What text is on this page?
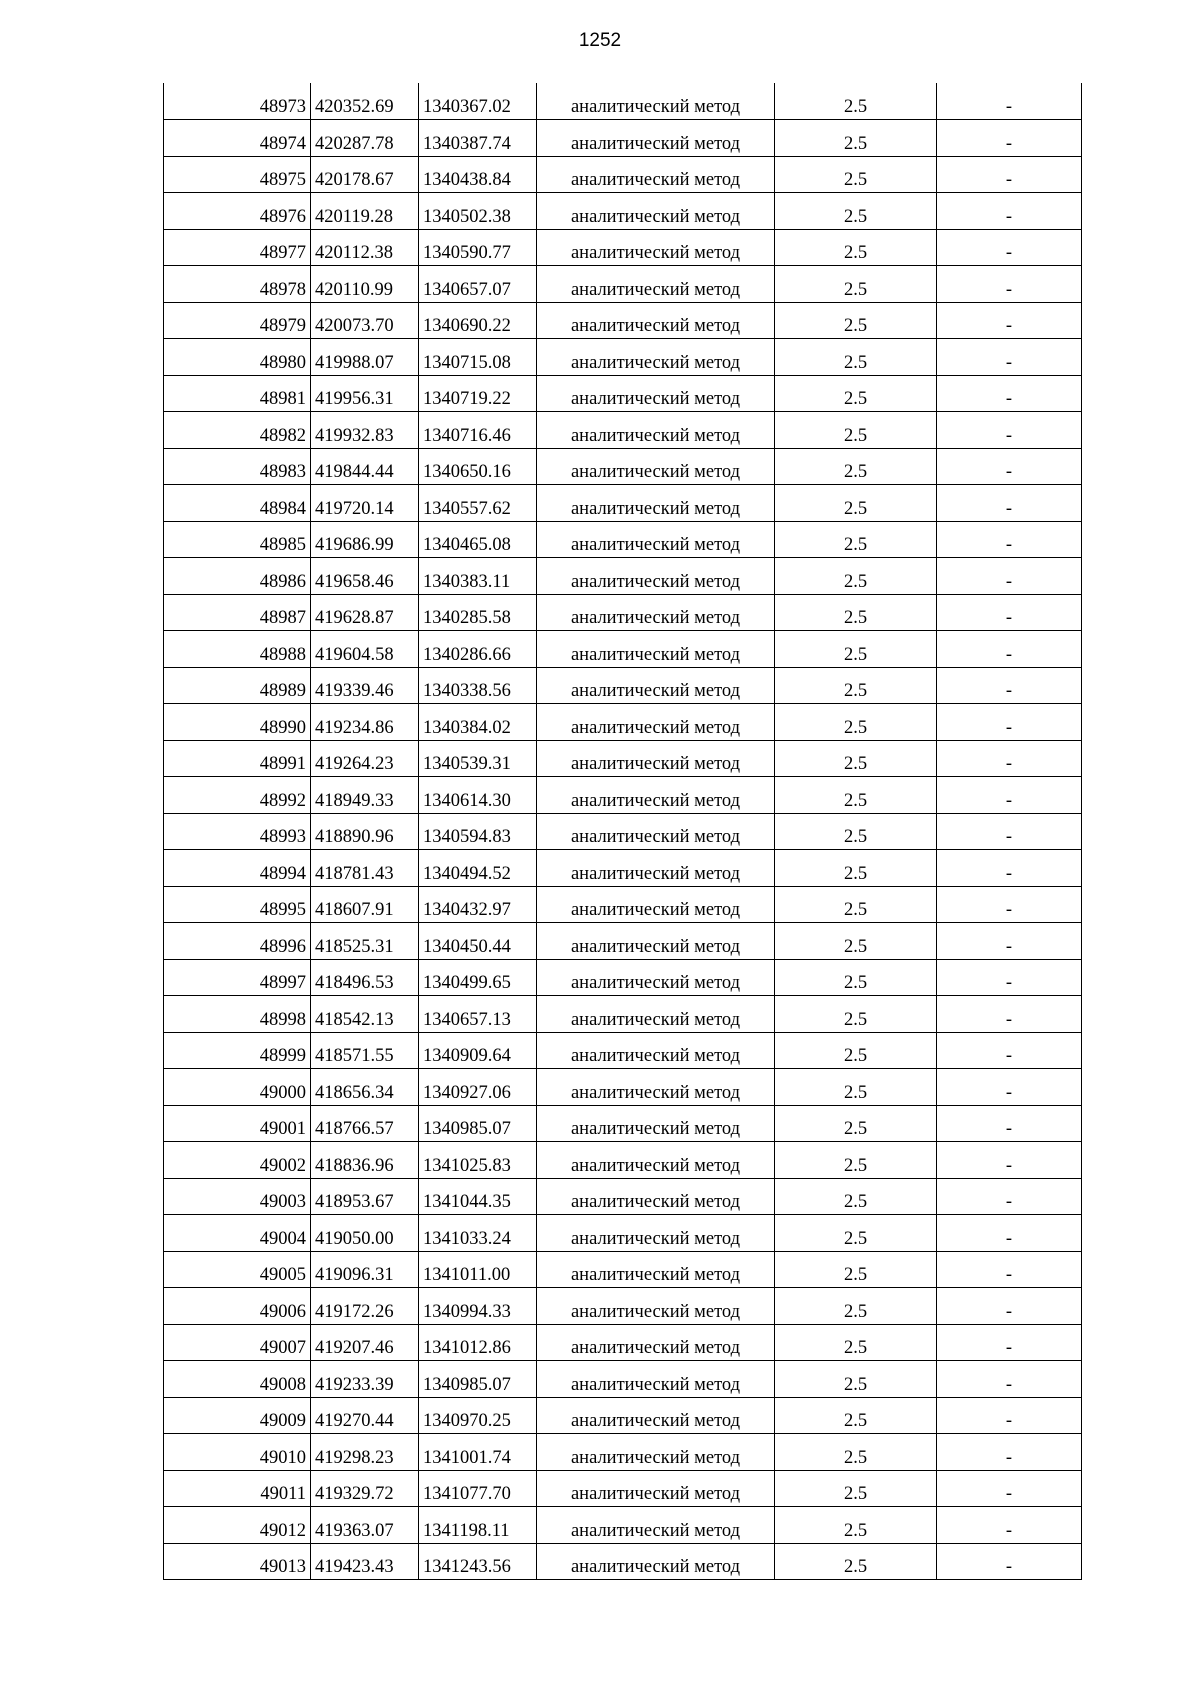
1252
48973	420352.69	1340367.02	аналитический метод	2.5	-
48974	420287.78	1340387.74	аналитический метод	2.5	-
48975	420178.67	1340438.84	аналитический метод	2.5	-
48976	420119.28	1340502.38	аналитический метод	2.5	-
48977	420112.38	1340590.77	аналитический метод	2.5	-
48978	420110.99	1340657.07	аналитический метод	2.5	-
48979	420073.70	1340690.22	аналитический метод	2.5	-
48980	419988.07	1340715.08	аналитический метод	2.5	-
48981	419956.31	1340719.22	аналитический метод	2.5	-
48982	419932.83	1340716.46	аналитический метод	2.5	-
48983	419844.44	1340650.16	аналитический метод	2.5	-
48984	419720.14	1340557.62	аналитический метод	2.5	-
48985	419686.99	1340465.08	аналитический метод	2.5	-
48986	419658.46	1340383.11	аналитический метод	2.5	-
48987	419628.87	1340285.58	аналитический метод	2.5	-
48988	419604.58	1340286.66	аналитический метод	2.5	-
48989	419339.46	1340338.56	аналитический метод	2.5	-
48990	419234.86	1340384.02	аналитический метод	2.5	-
48991	419264.23	1340539.31	аналитический метод	2.5	-
48992	418949.33	1340614.30	аналитический метод	2.5	-
48993	418890.96	1340594.83	аналитический метод	2.5	-
48994	418781.43	1340494.52	аналитический метод	2.5	-
48995	418607.91	1340432.97	аналитический метод	2.5	-
48996	418525.31	1340450.44	аналитический метод	2.5	-
48997	418496.53	1340499.65	аналитический метод	2.5	-
48998	418542.13	1340657.13	аналитический метод	2.5	-
48999	418571.55	1340909.64	аналитический метод	2.5	-
49000	418656.34	1340927.06	аналитический метод	2.5	-
49001	418766.57	1340985.07	аналитический метод	2.5	-
49002	418836.96	1341025.83	аналитический метод	2.5	-
49003	418953.67	1341044.35	аналитический метод	2.5	-
49004	419050.00	1341033.24	аналитический метод	2.5	-
49005	419096.31	1341011.00	аналитический метод	2.5	-
49006	419172.26	1340994.33	аналитический метод	2.5	-
49007	419207.46	1341012.86	аналитический метод	2.5	-
49008	419233.39	1340985.07	аналитический метод	2.5	-
49009	419270.44	1340970.25	аналитический метод	2.5	-
49010	419298.23	1341001.74	аналитический метод	2.5	-
49011	419329.72	1341077.70	аналитический метод	2.5	-
49012	419363.07	1341198.11	аналитический метод	2.5	-
49013	419423.43	1341243.56	аналитический метод	2.5	-
